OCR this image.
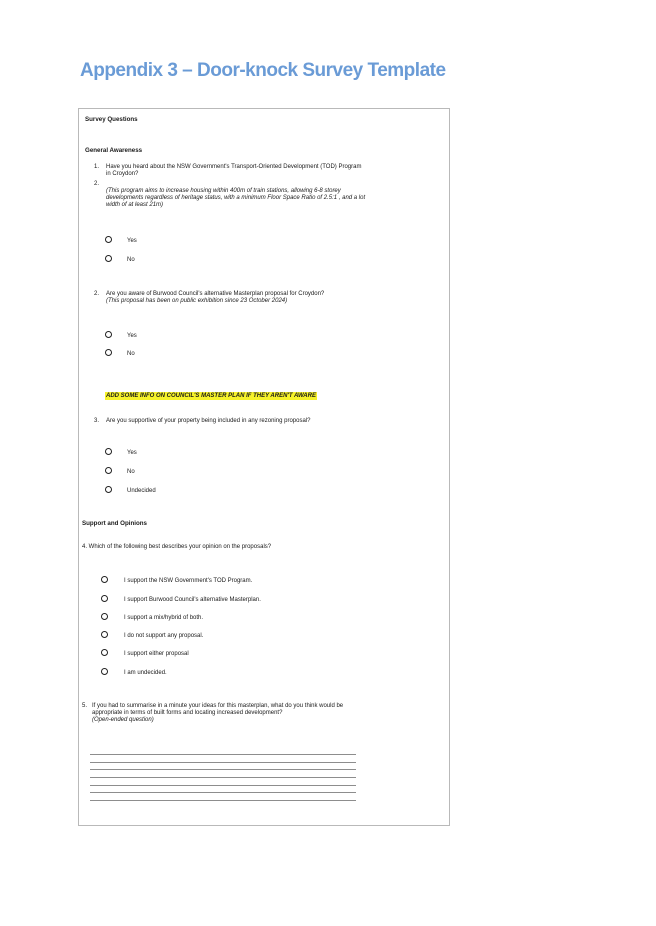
Appendix 3 – Door-knock Survey Template
Survey Questions
General Awareness
1. Have you heard about the NSW Government's Transport-Oriented Development (TOD) Program in Croydon?
2.
(This program aims to increase housing within 400m of train stations, allowing 6-8 storey developments regardless of heritage status, with a minimum Floor Space Ratio of 2.5:1 , and a lot width of at least 21m)
Yes
No
2. Are you aware of Burwood Council's alternative Masterplan proposal for Croydon?
(This proposal has been on public exhibition since 23 October 2024)
Yes
No
ADD SOME INFO ON COUNCIL'S MASTER PLAN IF THEY AREN'T AWARE
3. Are you supportive of your property being included in any rezoning proposal?
Yes
No
Undecided
Support and Opinions
4. Which of the following best describes your opinion on the proposals?
I support the NSW Government's TOD Program.
I support Burwood Council's alternative Masterplan.
I support a mix/hybrid of both.
I do not support any proposal.
I support either proposal
I am undecided.
5. If you had to summarise in a minute your ideas for this masterplan, what do you think would be appropriate in terms of built forms and locating increased development?
(Open-ended question)
